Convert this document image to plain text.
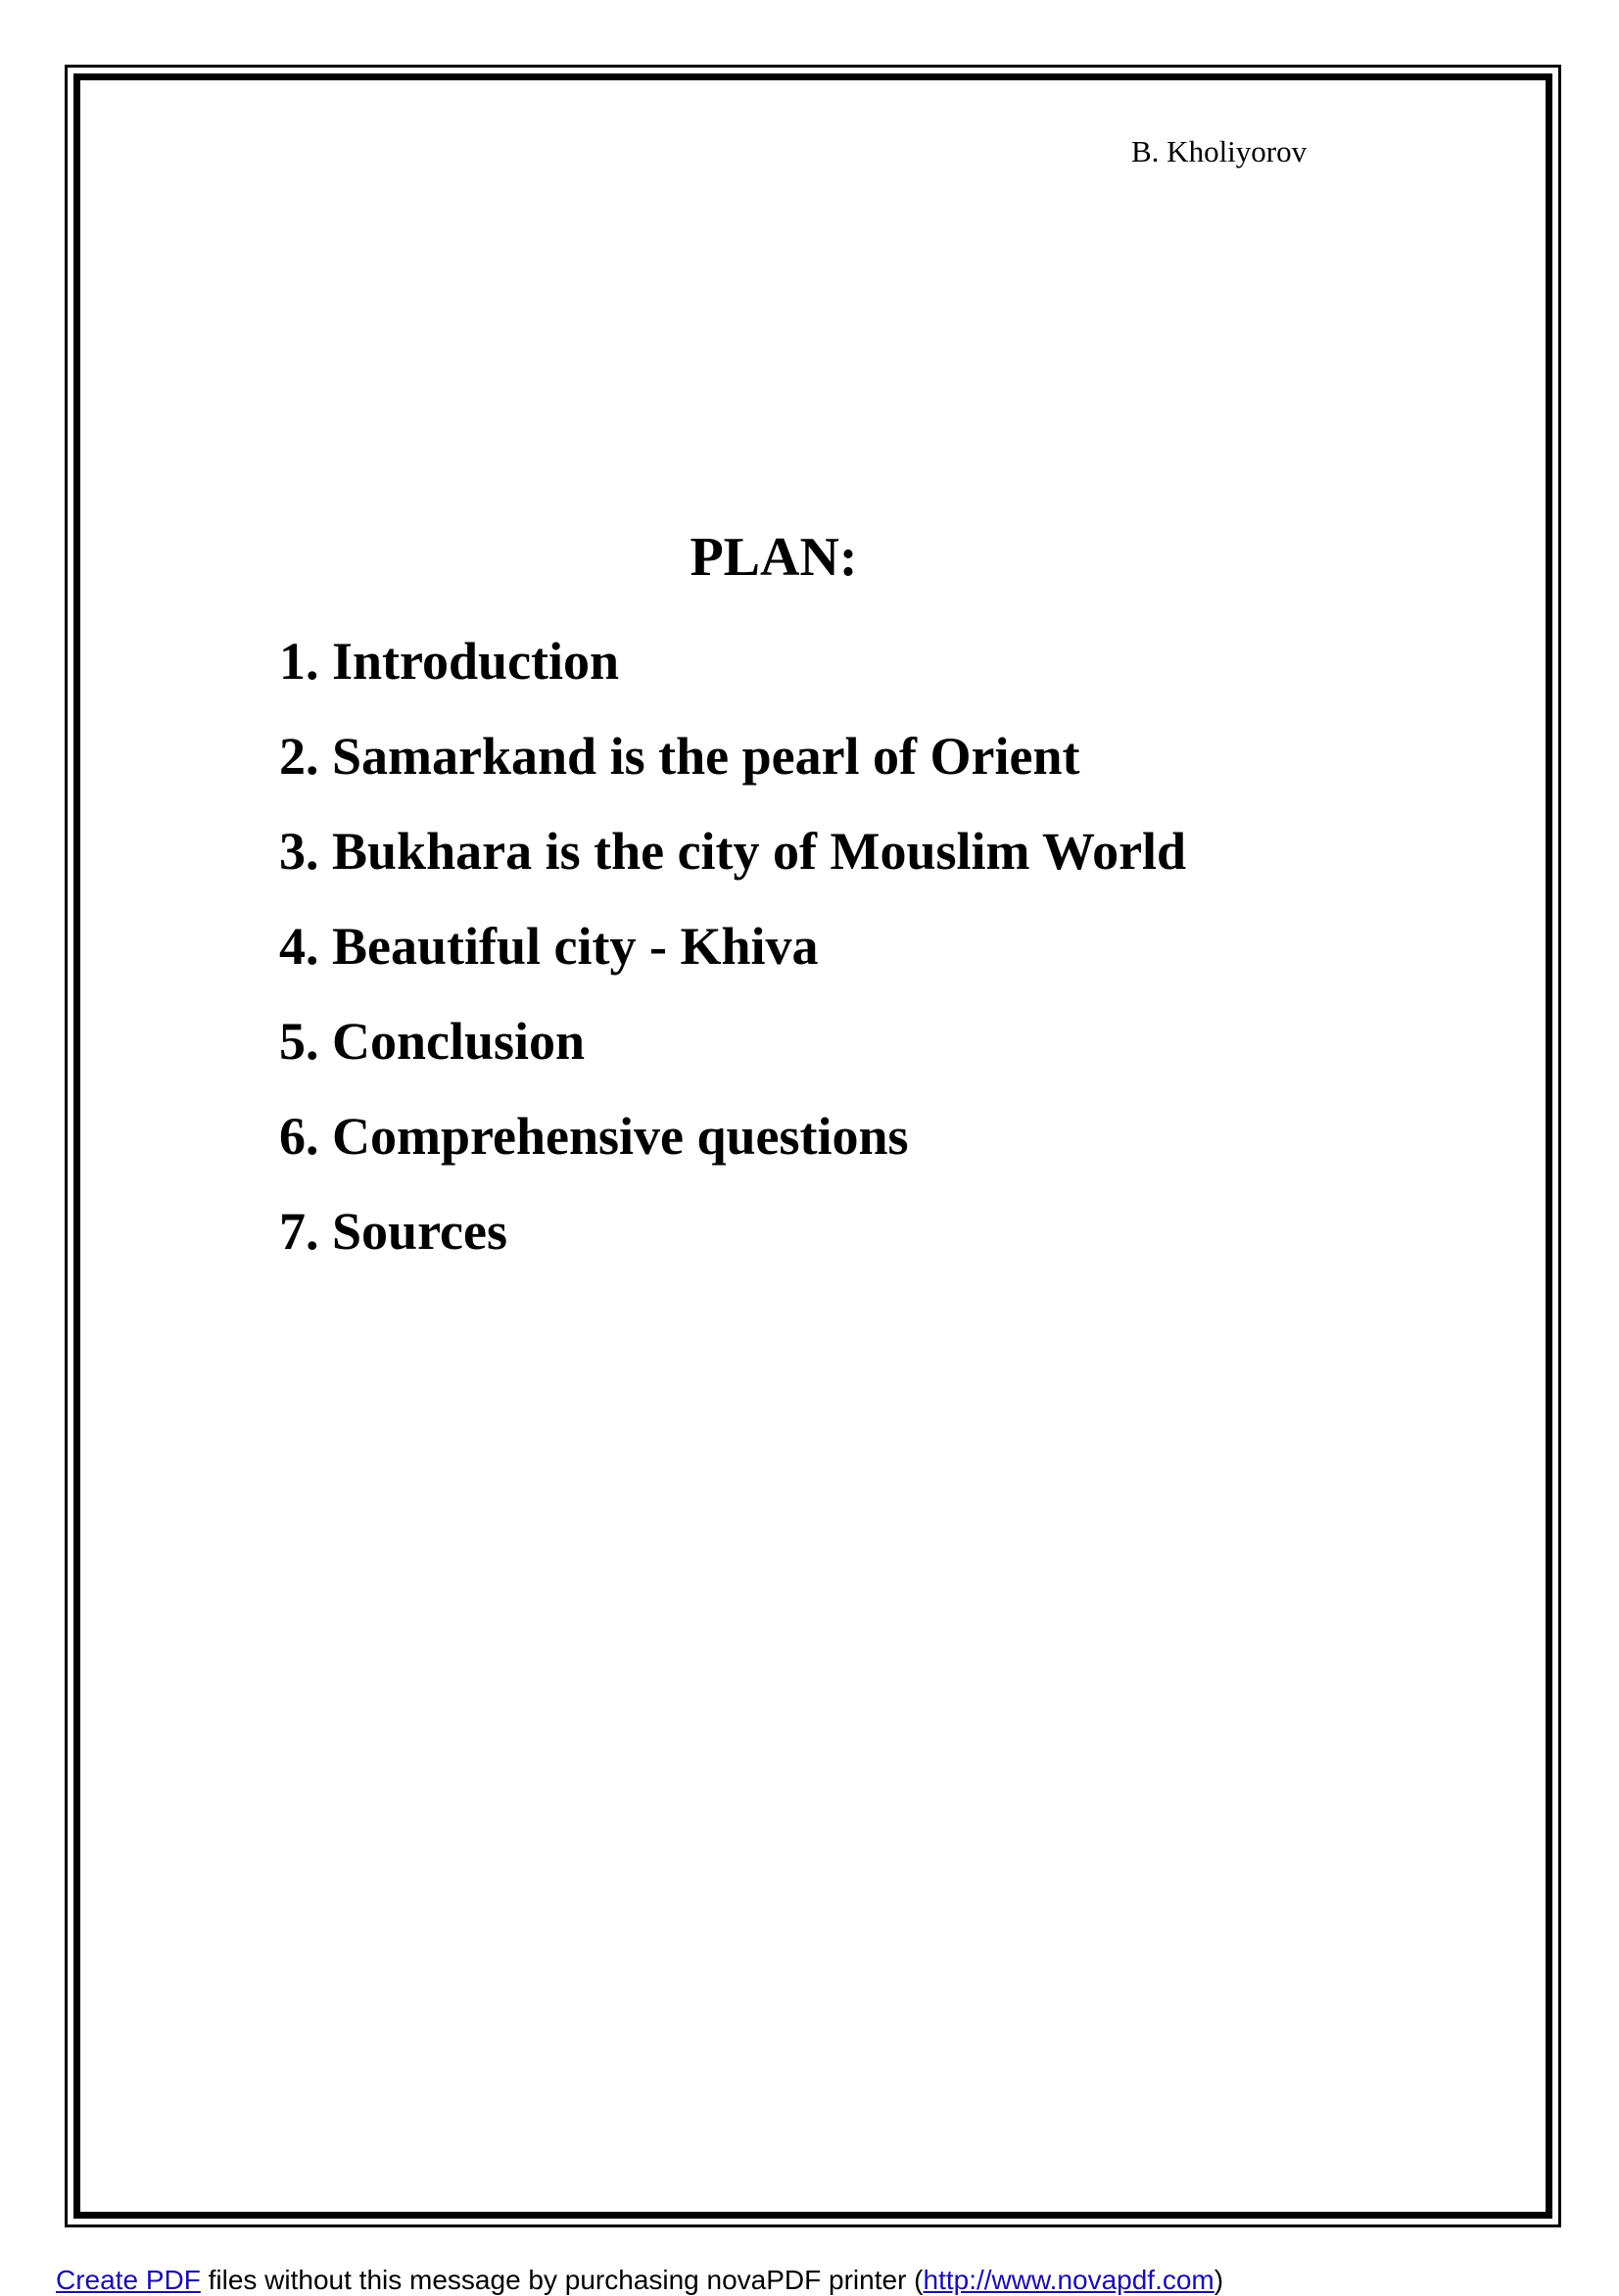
B. Kholiyorov
PLAN:
1. Introduction
2. Samarkand is the pearl of Orient
3. Bukhara is the city of Mouslim World
4. Beautiful city - Khiva
5. Conclusion
6. Comprehensive questions
7. Sources
Create PDF files without this message by purchasing novaPDF printer (http://www.novapdf.com)
